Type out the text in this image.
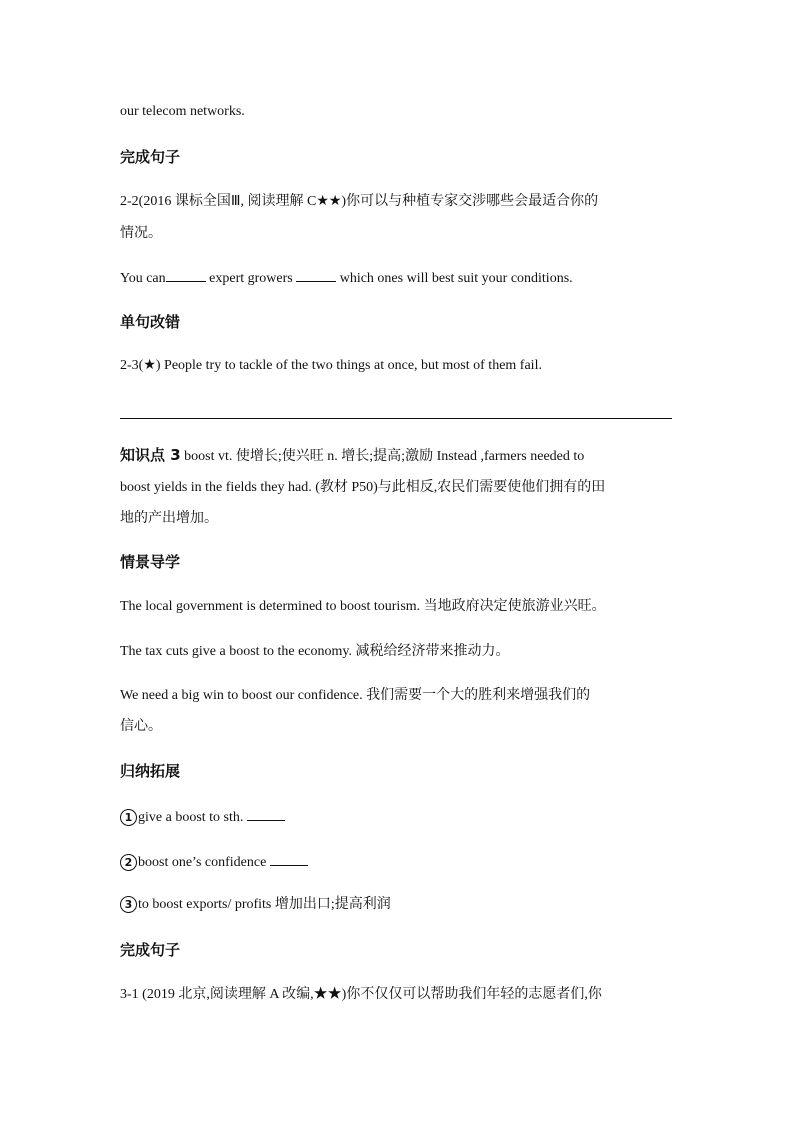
our telecom networks.
完成句子
2-2(2016 课标全国Ⅲ, 阅读理解 C★★)你可以与种植专家交涉哪些会最适合你的
情况。
You can	expert growers	which ones will best suit your conditions.
单句改错
2-3(★) People try to tackle of the two things at once, but most of them fail.
知识点 3 boost vt. 使增长;使兴旺 n. 增长;提高;激励 Instead ,farmers needed to
boost yields in the fields they had. (教材 P50)与此相反,农民们需要使他们拥有的田
地的产出增加。
情景导学
The local government is determined to boost tourism. 当地政府决定使旅游业兴旺。
The tax cuts give a boost to the economy. 减税给经济带来推动力。
We need a big win to boost our confidence. 我们需要一个大的胜利来增强我们的
信心。
归纳拓展
1 give a boost to sth.
2 boost one’s confidence
3 to boost exports/ profits 增加出口;提高利润
完成句子
3-1 (2019 北京,阅读理解 A 改编,★★)你不仅仅可以帮助我们年轻的志愿者们,你
